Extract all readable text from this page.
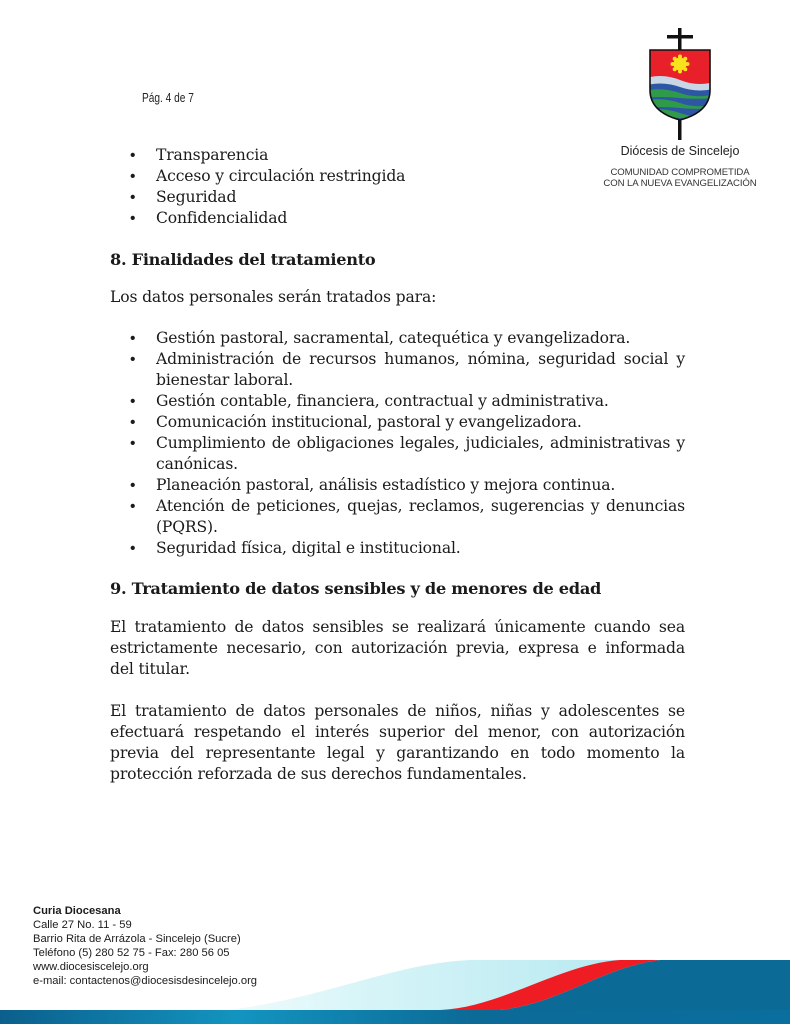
Pág. 4 de 7
Diócesis de Sincelejo
COMUNIDAD COMPROMETIDA
CON LA NUEVA EVANGELIZACIÓN
• Transparencia
• Acceso y circulación restringida
• Seguridad
• Confidencialidad
8. Finalidades del tratamiento

Los datos personales serán tratados para:

• Gestión pastoral, sacramental, catequética y evangelizadora.
• Administración de recursos humanos, nómina, seguridad social y bienestar laboral.
• Gestión contable, financiera, contractual y administrativa.
• Comunicación institucional, pastoral y evangelizadora.
• Cumplimiento de obligaciones legales, judiciales, administrativas y canónicas.
• Planeación pastoral, análisis estadístico y mejora continua.
• Atención de peticiones, quejas, reclamos, sugerencias y denuncias (PQRS).
• Seguridad física, digital e institucional.
9. Tratamiento de datos sensibles y de menores de edad

El tratamiento de datos sensibles se realizará únicamente cuando sea estrictamente necesario, con autorización previa, expresa e informada del titular.

El tratamiento de datos personales de niños, niñas y adolescentes se efectuará respetando el interés superior del menor, con autorización previa del representante legal y garantizando en todo momento la protección reforzada de sus derechos fundamentales.

Curia Diocesana
Calle 27 No. 11 - 59
Barrio Rita de Arrázola - Sincelejo (Sucre)
Teléfono (5) 280 52 75 - Fax: 280 56 05
www.diocesiscelejo.org
e-mail: contactenos@diocesisdesincelejo.org
